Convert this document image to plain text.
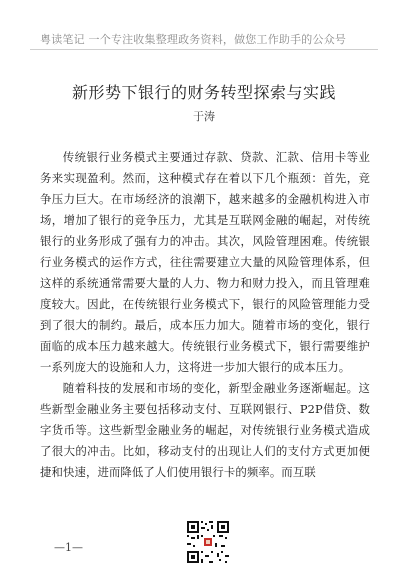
粤读笔记 一个专注收集整理政务资料，做您工作助手的公众号
新形势下银行的财务转型探索与实践
于涛

传统银行业务模式主要通过存款、贷款、汇款、信用卡等业务来实现盈利。然而，这种模式存在着以下几个瓶颈：首先，竞争压力巨大。在市场经济的浪潮下，越来越多的金融机构进入市场，增加了银行的竞争压力，尤其是互联网金融的崛起，对传统银行的业务形成了强有力的冲击。其次，风险管理困难。传统银行业务模式的运作方式，往往需要建立大量的风险管理体系，但这样的系统通常需要大量的人力、物力和财力投入，而且管理难度较大。因此，在传统银行业务模式下，银行的风险管理能力受到了很大的制约。最后，成本压力加大。随着市场的变化，银行面临的成本压力越来越大。传统银行业务模式下，银行需要维护一系列庞大的设施和人力，这将进一步加大银行的成本压力。

随着科技的发展和市场的变化，新型金融业务逐渐崛起。这些新型金融业务主要包括移动支付、互联网银行、P2P借贷、数字货币等。这些新型金融业务的崛起，对传统银行业务模式造成了很大的冲击。比如，移动支付的出现让人们的支付方式更加便捷和快速，进而降低了人们使用银行卡的频率。而互联

—1—
